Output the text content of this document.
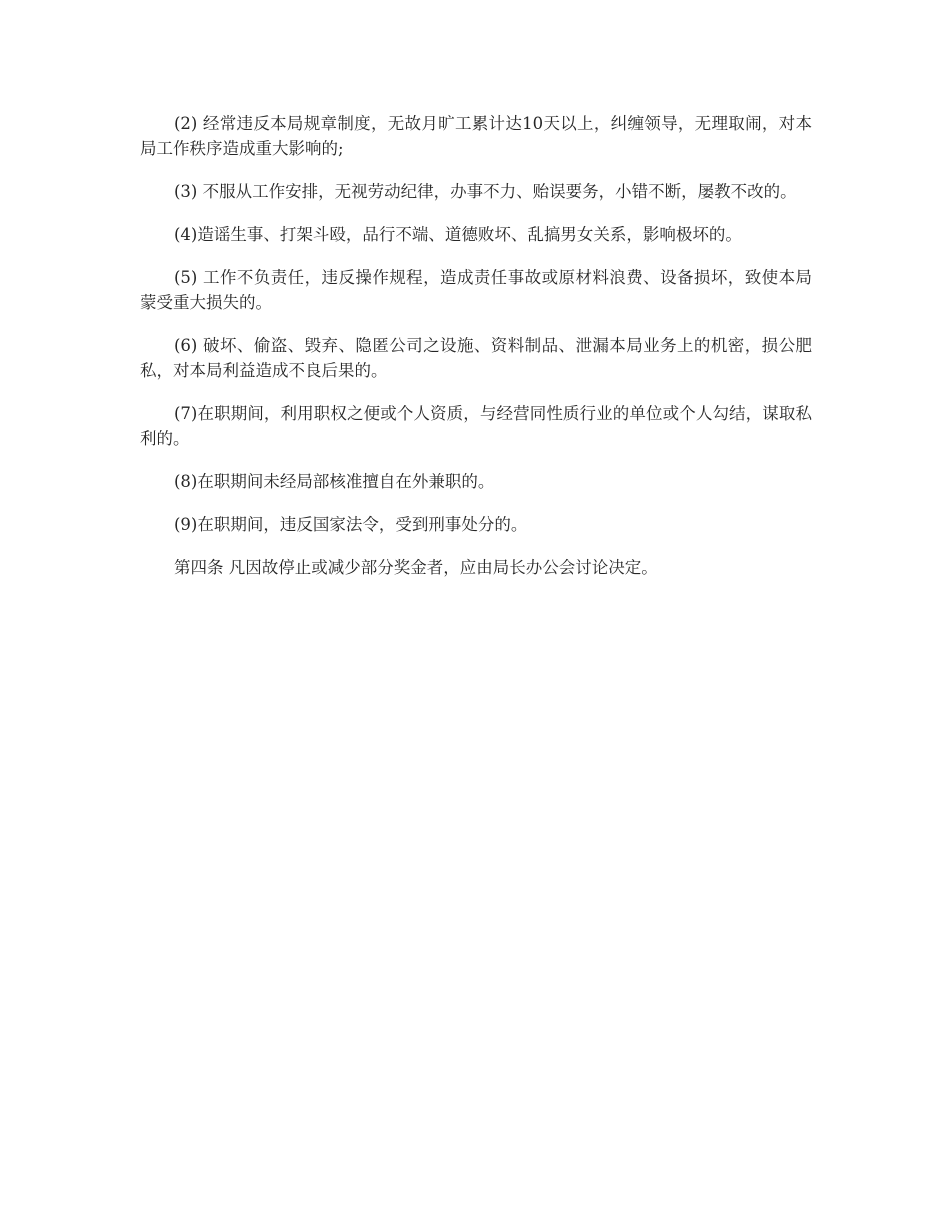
(2) 经常违反本局规章制度，无故月旷工累计达10天以上，纠缠领导，无理取闹，对本局工作秩序造成重大影响的;

(3) 不服从工作安排，无视劳动纪律，办事不力、贻误要务，小错不断，屡教不改的。

(4)造谣生事、打架斗殴，品行不端、道德败坏、乱搞男女关系，影响极坏的。

(5) 工作不负责任，违反操作规程，造成责任事故或原材料浪费、设备损坏，致使本局蒙受重大损失的。

(6) 破坏、偷盗、毁弃、隐匿公司之设施、资料制品、泄漏本局业务上的机密，损公肥私，对本局利益造成不良后果的。

(7)在职期间，利用职权之便或个人资质，与经营同性质行业的单位或个人勾结，谋取私利的。

(8)在职期间未经局部核准擅自在外兼职的。

(9)在职期间，违反国家法令，受到刑事处分的。

第四条 凡因故停止或减少部分奖金者，应由局长办公会讨论决定。
